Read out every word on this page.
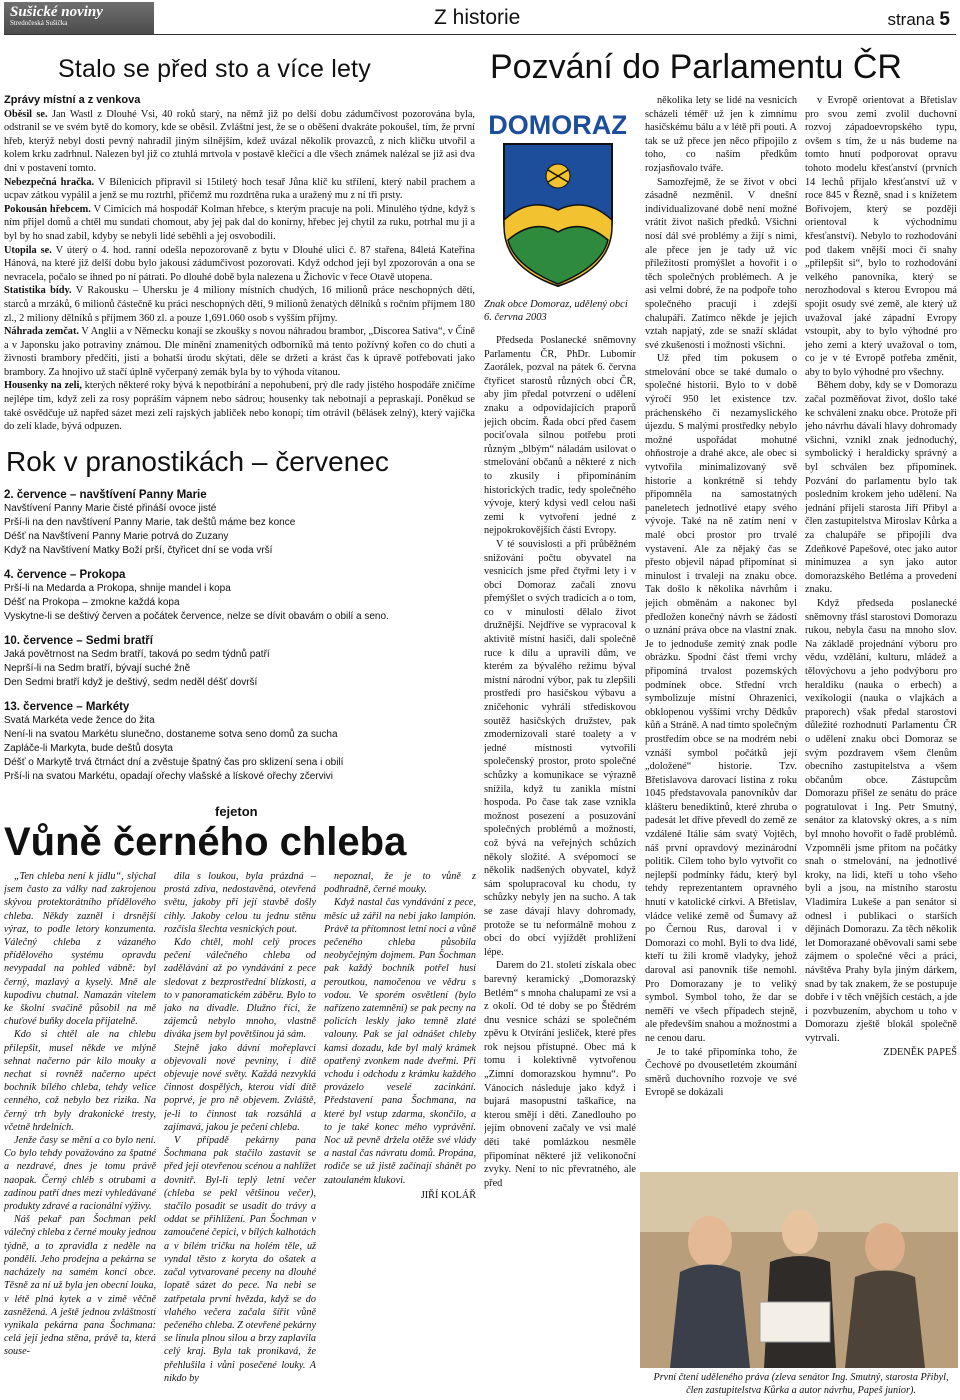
Sušické noviny
Stredočeská Sušička	Z historie	strana 5
Stalo se před sto a více lety
Zprávy místní a z venkova

Oběsil se. Jan Wastl z Dlouhé Vsi, 40 roků starý, na němž již po delší dobu zádumčivost pozorována byla, odstranil se ve svém bytě do komory, kde se oběsil. Zvláštní jest, že se o oběšení dvakráte pokoušel, tím, že první hřeb, kterýž nebyl dosti pevný nahradil jiným silnějším, kdež uvázal několik provazců, z nich kličku utvořil a kolem krku zadrhnul. Nalezen byl již co ztuhlá mrtvola v postavě klečící a dle všech známek nalézal se již asi dva dni v postavení tomto.

Nebezpečná hračka. V Bílenicích připravil si 15tiletý hoch tesař Jůna klíč ku střílení, který nabil prachem a ucpav zátkou vypálil a jenž se mu roztrhl, přičemž mu rozdrtěna ruka a uražený mu z ní tři prsty.

Pokousán hřebcem. V Cimicích má hospodář Kolman hřebce, s kterým pracuje na poli. Minulého týdne, když s ním přijel domů a chtěl mu sundati chomout, aby jej pak dal do konírny, hřebec jej chytil za ruku, potrhal mu ji a byl by ho snad zabil, kdyby se nebyli lidé seběhli a jej osvobodili.

Utopila se. V úterý o 4. hod. ranní odešla nepozorovaně z bytu v Dlouhé ulici č. 87 stařena, 84letá Kateřina Hánová, na které již delší dobu bylo jakousi zádumčivost pozorovati. Když odchod její byl zpozorován a ona se nevracela, počalo se ihned po ní pátrati. Po dlouhé době byla nalezena u Žichovic v řece Otavě utopena.

Statistika bídy. V Rakousku – Uhersku je 4 miliony místních chudých, 16 milionů práce neschopných dětí, starců a mrzáků, 6 milionů částečně ku práci neschopných dětí, 9 milionů ženatých dělníků s ročním příjmem 180 zl., 2 miliony dělníků s příjmem 360 zl. a pouze 1,691.060 osob s vyšším příjmy.

Náhrada zemčat. V Anglii a v Německu konají se zkoušky s novou náhradou brambor, „Discorea Sativa“, v Číně a v Japonsku jako potraviny známou. Dle mínění znamenitých odborníků má tento požívný kořen co do chuti a živnosti brambory předčiti, jisti a bohatší úrodu skýtati, děle se držeti a krást čas k úpravě potřebovati jako brambory. Za hnojivo už stačí úplně vyčerpaný zemák byla by to výhoda vítanou.

Housenky na zeli, kterých některé roky bývá k nepotbírání a nepohubení, prý dle rady jistého hospodáře zničíme nejlépe tím, když zeli za rosy popráším vápnem nebo sádrou; housenky tak nebotnají a pepraskají. Poněkud se také osvědčuje už napřed sázet mezi zelí rajských jabliček nebo konopí; tím otrávil (bělásek zelný), který vajíčka do zelí klade, bývá odpuzen.

Rok v pranostikách – červenec
2. července – navštívení Panny Marie
Navštívení Panny Marie čisté přináší ovoce jisté
Prší-li na den navštívení Panny Marie, tak deštů máme bez konce
Déšť na Navštívení Panny Marie potrvá do Zuzany
Když na Navštívení Matky Boží prší, čtyřicet dní se voda vrší
4. července – Prokopa
Prší-li na Medarda a Prokopa, shnije mandel i kopa
Déšť na Prokopa – zmokne každá kopa
Vyskytne-li se deštivý červen a počátek července, nelze se dívit obavám o obilí a seno.
10. července – Sedmi bratří
Jaká povětrnost na Sedm bratří, taková po sedm týdnů patří
Neprší-li na Sedm bratří, bývají suché žně
Den Sedmi bratří když je deštivý, sedm neděl déšť dovrší
13. července – Markéty
Svatá Markéta vede žence do žita
Není-li na svatou Markétu slunečno, dostaneme sotva seno domů za sucha
Zapláče-li Markyta, bude deštů dosyta
Déšť o Markytě trvá čtrnáct dní a zvěstuje špatný čas pro sklizení sena i obilí
Prší-li na svatou Markétu, opadají ořechy vlašské a lískové ořechy zčervivi
fejeton
Vůně černého chleba

„Ten chleba není k jídlu“, slýchal jsem často za války nad zakrojenou skývou protektorátního přídělového chleba. Někdy zazněl i drsnější výraz, to podle letory konzumenta. Válečný chleba z vázaného přídělového systému opravdu nevypadal na pohled vábně: byl černý, mazlavý a kyselý. Mně ale kupodivu chutnal. Namazán vitelem ke školní svačině působil na mě chuťové buňky docela přijatelně.

Kdo si chtěl ale na chlebu přilepšit, musel někde ve mlýně sehnat načerno pár kilo mouky a nechat si rovněž načerno upéct bochník bílého chleba, tehdy velice cenného, což nebylo bez rizika. Na černý trh byly drakonické tresty, včetně hrdelních.

Jenže časy se mění a co bylo není. Co bylo tehdy považováno za špatné a nezdravé, dnes je tomu právě naopak. Černý chléb s otrubami a zadinou patří dnes mezi vyhledávané produkty zdravé a racionální výživy.

Náš pekař pan Šochman pekl válečný chleba z černé mouky jednou týdně, a to zpravidla z neděle na pondělí. Jeho prodejna a pekárna se nacházely na samém konci obce. Těsně za ní už byla jen obecní louka, v létě plná kytek a v zimě věčně zasněžená. A ještě jednou zvláštností vynikala pekárna pana Šochmana: celá její jedna stěna, právě ta, která souse-

dila s loukou, byla prázdná – prostá zdiva, nedostavěná, otevřená světu, jakoby při její stavbě došly cihly. Jakoby celou tu jednu stěnu rozčísla šlechta vesnických pout.

Kdo chtěl, mohl celý proces pečení válečného chleba od zadělávání až po vyndávání z pece sledovat z bezprostřední blízkosti, a to v panoramatickém záběru. Bylo to jako na divadle. Dlužno říci, že zájemců nebylo mnoho, vlastně diváka jsem byl povětšinou já sám.

Stejně jako dávní mořeplavci objevovali nové pevniny, i dítě objevuje nové světy. Každá nezvyklá činnost dospělých, kterou vidí dítě poprvé, je pro ně objevem. Zvláště, je-li to činnost tak rozsáhlá a zajímavá, jakou je pečení chleba.

V případě pekárny pana Šochmana pak stačilo zastavit se před její otevřenou scénou a nahlížet dovnitř. Byl-li teplý letní večer (chleba se pekl většinou večer), stačilo posadit se usadit do trávy a oddat se přihlížení. Pan Šochman v zamoučené čepici, v bílých kalhotách a v bílém tričku na holém těle, už vyndal těsto z koryta do ošatek a začal vytvarované peceny na dlouhé lopatě sázet do pece. Na nebi se zatřpetala první hvězda, když se do vlahého večera začala šířit vůně pečeného chleba. Z otevřené pekárny se linula plnou silou a brzy zaplavila celý kraj. Byla tak pronikavá, že přehlušila i vůni posečené louky. A nikdo by

nepoznal, že je to vůně z podhradně, černé mouky.

Když nastal čas vyndávání z pece, měsíc už zářil na nebi jako lampión. Právě ta přítomnost letní noci a vůně pečeného chleba působila neobyčejným dojmem. Pan Šochman pak každý bochník potřel husí peroutkou, namočenou ve vědru s vodou. Ve sporém osvětlení (bylo nařízeno zatemnění) se pak pecny na policích leskly jako temně zlaté valouny. Pak se jal odnášet chleby kamsi dozadu, kde byl malý krámek opatřený zvonkem nade dveřmi. Při vchodu i odchodu z krámku každého provázelo veselé zacinkání. Představení pana Šochmana, na které byl vstup zdarma, skončilo, a to je také konec mého vyprávění. Noc už pevně držela otěže své vlády a nastal čas návratu domů. Propána, rodiče se už jistě začínají shánět po zatoulaném klukovi.

JIŘÍ KOLÁŘ
Pozvání do Parlamentu ČR
DOMORAZ
Znak obce Domoraz, udělený obci 6. června 2003

Předseda Poslanecké sněmovny Parlamentu ČR, PhDr. Lubomír Zaorálek, pozval na pátek 6. června čtyřicet starostů různých obcí ČR, aby jim předal potvrzení o udělení znaku a odpovídajících praporů jejich obcím. Řada obcí před časem pociťovala silnou potřebu proti různým „blbým“ náladám usilovat o stmelování občanů a některé z nich to zkusily i připomínáním historických tradic, tedy společného vývoje, který kdysi vedl celou naši zemi k vytvoření jedné z nejpokrokovějších částí Evropy.

V té souvislosti a při průběžném snižování počtu obyvatel na vesnicích jsme před čtyřmi lety i v obci Domoraz začali znovu přemýšlet o svých tradicích a o tom, co v minulosti dělalo život družnější. Nejdříve se vypracoval k aktivitě místní hasiči, dali společně ruce k dílu a upravili dům, ve kterém za bývalého režimu býval místní národní výbor, pak tu zlepšili prostředí pro hasičskou výbavu a zničehonic vyhráli střediskovou soutěž hasičských družstev, pak zmodernizovali staré toalety a v jedné místnosti vytvořili společenský prostor, proto společné schůzky a komunikace se výrazně snížila, když tu zanikla místní hospoda. Po čase tak zase vznikla možnost posezení a posuzování společných problémů a možností, což bývá na veřejných schůzích několy složité. A svépomocí se několik nadšených obyvatel, když sám spolupracoval ku chodu, ty schůzky nebyly jen na sucho. A tak se zase dávají hlavy dohromady, protože se tu neformálně mohou z obcí do obcí vyjíždět prohlížení lépe.

Darem do 21. století získala obec barevný keramický „Domorazský Betlém“ s mnoha chalupami ze vsi a z okolí. Od té doby se po Štědrém dnu vesnice schází se společném zpěvu k Otvírání jesliček, které přes rok nejsou přístupné. Obec má k tomu i kolektivně vytvořenou „Zimní domorazskou hymnu“. Po Vánocích následuje jako když i bujará masopustní taškařice, na kterou smějí i děti. Zanedlouho po jejím obnovení začaly ve vsi malé děti také pomlázkou nesměle připomínat některé již velikonoční zvyky. Není to nic převratného, ale před

několika lety se lidé na vesnicích scházeli téměř už jen k zimnímu hasičskému bálu a v létě při pouti. A tak se už přece jen něco připojilo z toho, co naším předkům rozjasňovalo tváře.

Samozřejmě, že se život v obci zásadně nezměnil. V dnešní individualizované době není možné vrátit život našich předků. Všichni nosí dál své problémy a žijí s nimi, ale přece jen je tady už víc příležitostí promýšlet a hovořit i o těch společných problémech. A je asi velmi dobré, že na podpoře toho společného pracují i zdejší chalupáři. Zatímco někde je jejich vztah napjatý, zde se snaží skládat své zkušenosti i možnosti všichni.

Už před tím pokusem o stmelování obce se také dumalo o společné historii. Bylo to v době výročí 950 let existence tzv. práchenského či nezamyslického újezdu. S malými prostředky nebylo možné uspořádat mohutné ohňostroje a drahé akce, ale obec si vytvořila minimalizovaný svě historie a konkrétně si tehdy připomněla na samostatných paneletech jednotlivé etapy svého vývoje. Také na ně zatím není v malé obci prostor pro trvalé vystavení. Ale za nějaký čas se přesto objevil nápad připomínat si minulost i trvaleji na znaku obce. Tak došlo k několika návrhům i jejich obměnám a nakonec byl předložen konečný návrh se žádostí o uznání práva obce na vlastní znak. Je to jednoduše zemitý znak podle obrázku. Spodní část třemi vrchy připomíná trvalost pozemských podmínek obce. Střední vrch symbolizuje místní Ohrazenici, obklopenou vyššími vrchy Dědkův kůň a Stráně. A nad tímto společným prostředím obce se na modrém nebi vznáší symbol počátků její „doložené“ historie. Tzv. Břetislavova darovací listina z roku 1045 představovala panovníkův dar klášteru benediktinů, které zhruba o padesát let dříve převedl do země ze vzdálené Itálie sám svatý Vojtěch, náš první opravdový mezinárodní politik. Cílem toho bylo vytvořit co nejlepší podmínky řádu, který byl tehdy reprezentantem opravného hnutí v katolické církvi. A Břetislav, vládce veliké země od Šumavy až po Černou Rus, daroval i v Domorazi co mohl. Byli to dva lidé, kteří tu žili kromě vladyky, jehož daroval asi panovník tiše nemohl. Pro Domorazany je to veliký symbol. Symbol toho, že dar se neměří ve všech případech stejně, ale především snahou a možnostmi a ne cenou daru.

Je to také připomínka toho, že Čechové po dvousetletém zkoumání směrů duchovního rozvoje ve své Evropě se dokázali

v Evropě orientovat a Břetislav pro svou zemi zvolil duchovní rozvoj západoevropského typu, ovšem s tím, že u nás budeme na tomto hnutí podporovat opravu tohoto modelu křesťanství (prvních 14 lechů přijalo křesťanství už v roce 845 v Řezně, snad i s knížetem Bořivojem, který se později orientoval k východnímu křesťanství). Nebylo to rozhodování pod tlakem vnější moci či snahy „přilepšit si“, bylo to rozhodování velkého panovníka, který se nerozhodoval s kterou Evropou má spojit osudy své země, ale který už uvažoval jaké západní Evropy vstoupit, aby to bylo výhodné pro jeho zemi a který uvažoval o tom, co je v té Evropě potřeba změnit, aby to bylo výhodné pro všechny.

Během doby, kdy se v Domorazu začal pozměňovat život, došlo také ke schválení znaku obce. Protože při jeho návrhu dávali hlavy dohromady všichni, vznikl znak jednoduchý, symbolický i heraldicky správný a byl schválen bez připomínek. Pozvání do parlamentu bylo tak posledním krokem jeho udělení. Na jednání přijeli starosta Jiří Přibyl a člen zastupitelstva Miroslav Kůrka a za chalupáře se připojili dva Zdeňkové Papešové, otec jako autor minimuzea a syn jako autor domorazského Betléma a provedení znaku.

Když předseda poslanecké sněmovny třásl starostovi Domorazu rukou, nebyla času na mnoho slov. Na základě projednání výboru pro vědu, vzdělání, kulturu, mládež a tělovýchovu a jeho podvýboru pro heraldiku (nauka o erbech) a vexikologii (nauka o vlajkách a praporech) však předal starostovi důležité rozhodnutí Parlamentu ČR o udělení znaku obci Domoraz se svým pozdravem všem členům obecního zastupitelstva a všem občanům obce. Zástupcům Domorazu přišel ze senátu do práce pogratulovat i Ing. Petr Smutný, senátor za klatovský okres, a s ním byl mnoho hovořit o řadě problémů. Vzpomněli jsme přitom na počátky snah o stmelování, na jednotlivé kroky, na lidi, kteří u toho všeho byli a jsou, na místního starostu Vladimíra Lukeše a pan senátor si odnesl i publikaci o starších dějinách Domorazu. Za těch několik let Domorazané oběvovali sami sebe zájmem o společné věci a práci, návštěva Prahy byla jiným dárkem, snad by tak znakem, že se postupuje dobře i v těch vnějších cestách, a jde i pozvbuzením, abychom u toho v Domorazu zještě blokál společně vytrvali.

ZDENĚK PAPEŠ
První čtení uděleného práva (zleva senátor Ing. Smutný, starosta Přibyl, člen zastupitelstva Kůrka a autor návrhu, Papeš junior).
